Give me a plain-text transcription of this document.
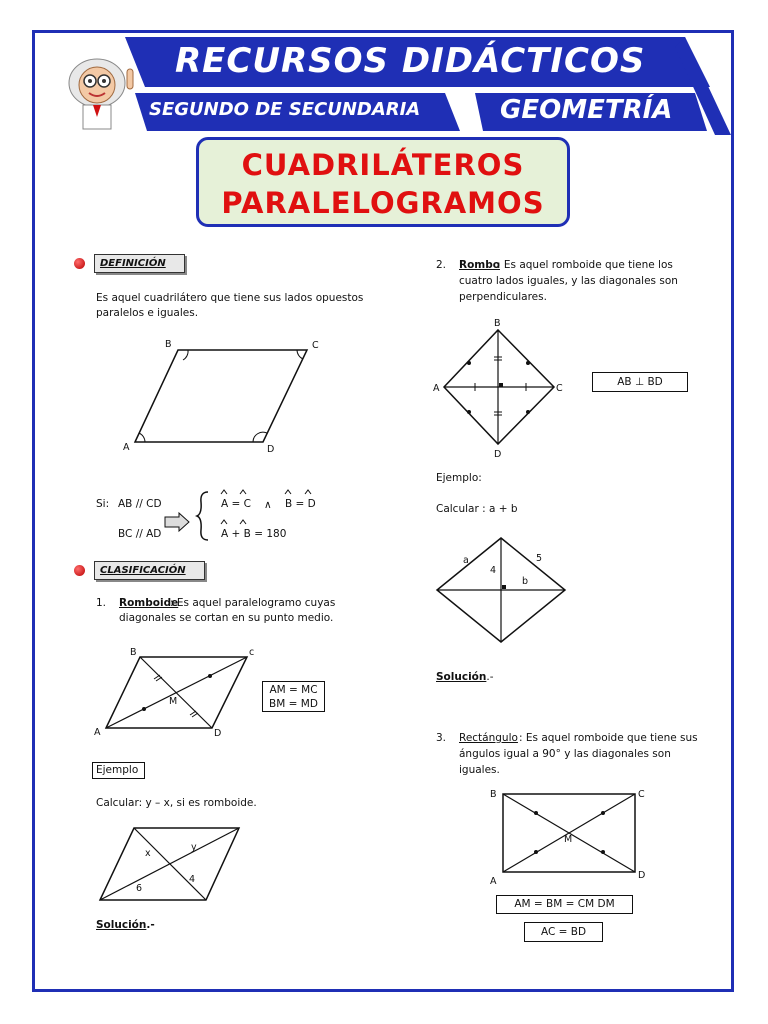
RECURSOS DIDÁCTICOS
SEGUNDO DE SECUNDARIA	GEOMETRÍA
CUADRILÁTEROS
PARALELOGRAMOS
DEFINICIÓN
Es aquel cuadrilátero que tiene sus lados opuestos
paralelos e iguales.
A
B	C
D
Si: AB // CD
BC // AD
A = C ∧ B = D
A + B = 180
CLASIFICACIÓN
1. Romboide
: Es aquel paralelogramo cuyas
diagonales se cortan en su punto medio.
A
B	c
D
M
AM = MC
BM = MD
Ejemplo
Calcular: y – x, si es romboide.
x
y
6
4
Solución.-
2. Rombo
: Es aquel romboide que tiene los
cuatro lados iguales, y las diagonales son
perpendiculares.
B
A	C
D
AB ⊥ BD
Ejemplo:
Calcular : a + b
a	5
4
b
Solución.-
3. Rectángulo : Es aquel romboide que tiene sus
ángulos igual a 90° y las diagonales son
iguales.
B	C
A
D
M
AM = BM = CM DM
AC = BD
